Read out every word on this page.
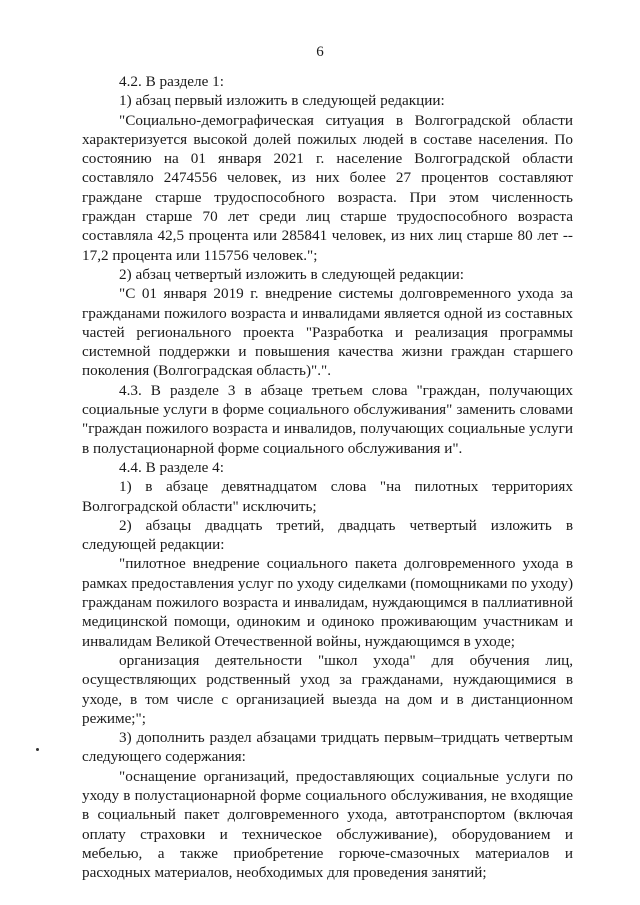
6

4.2. В разделе 1:

1) абзац первый изложить в следующей редакции:

"Социально-демографическая ситуация в Волгоградской области характеризуется высокой долей пожилых людей в составе населения. По состоянию на 01 января 2021 г. население Волгоградской области составляло 2474556 человек, из них более 27 процентов составляют граждане старше трудоспособного возраста. При этом численность граждан старше 70 лет среди лиц старше трудоспособного возраста составляла 42,5 процента или 285841 человек, из них лиц старше 80 лет -- 17,2 процента или 115756 человек.";

2) абзац четвертый изложить в следующей редакции:

"С 01 января 2019 г. внедрение системы долговременного ухода за гражданами пожилого возраста и инвалидами является одной из составных частей регионального проекта "Разработка и реализация программы системной поддержки и повышения качества жизни граждан старшего поколения (Волгоградская область)".".

4.3. В разделе 3 в абзаце третьем слова "граждан, получающих социальные услуги в форме социального обслуживания" заменить словами "граждан пожилого возраста и инвалидов, получающих социальные услуги в полустационарной форме социального обслуживания и".

4.4. В разделе 4:

1) в абзаце девятнадцатом слова "на пилотных территориях Волгоградской области" исключить;

2) абзацы двадцать третий, двадцать четвертый изложить в следующей редакции:

"пилотное внедрение социального пакета долговременного ухода в рамках предоставления услуг по уходу сиделками (помощниками по уходу) гражданам пожилого возраста и инвалидам, нуждающимся в паллиативной медицинской помощи, одиноким и одиноко проживающим участникам и инвалидам Великой Отечественной войны, нуждающимся в уходе;

организация деятельности "школ ухода" для обучения лиц, осуществляющих родственный уход за гражданами, нуждающимися в уходе, в том числе с организацией выезда на дом и в дистанционном режиме;";

3) дополнить раздел абзацами тридцать первым–тридцать четвертым следующего содержания:

"оснащение организаций, предоставляющих социальные услуги по уходу в полустационарной форме социального обслуживания, не входящие в социальный пакет долговременного ухода, автотранспортом (включая оплату страховки и техническое обслуживание), оборудованием и мебелью, а также приобретение горюче-смазочных материалов и расходных материалов, необходимых для проведения занятий;
